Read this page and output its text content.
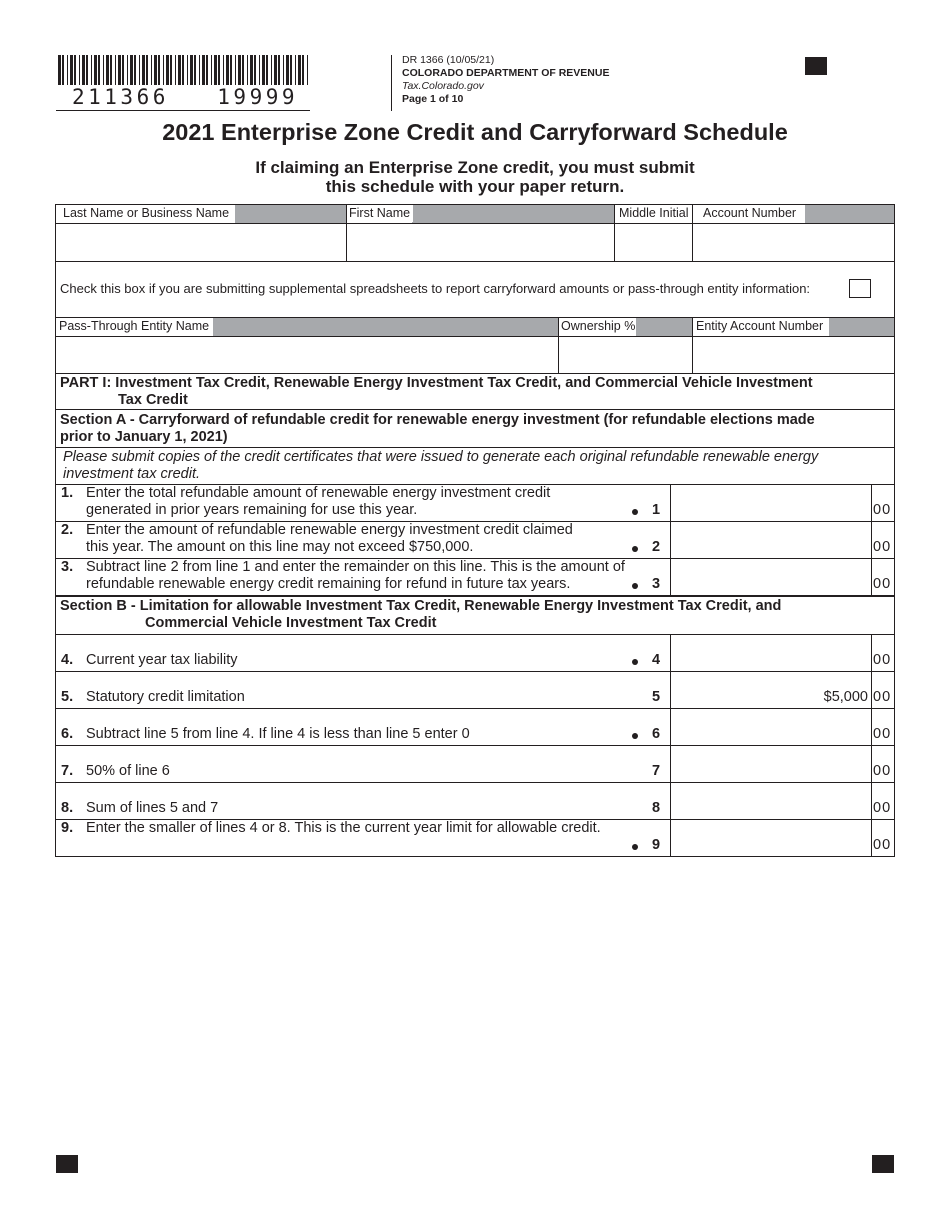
211366   19999
DR 1366 (10/05/21)
COLORADO DEPARTMENT OF REVENUE
Tax.Colorado.gov
Page 1 of 10
2021 Enterprise Zone Credit and Carryforward Schedule
If claiming an Enterprise Zone credit, you must submit
this schedule with your paper return.
Last Name or Business Name	First Name	Middle Initial Account Number
Check this box if you are submitting supplemental spreadsheets to report carryforward amounts or pass-through entity information:
Pass-Through Entity Name	Ownership %	Entity Account Number
PART I: Investment Tax Credit, Renewable Energy Investment Tax Credit, and Commercial Vehicle Investment
Tax Credit
Section A - Carryforward of refundable credit for renewable energy investment (for refundable elections made
prior to January 1, 2021)
Please submit copies of the credit certificates that were issued to generate each original refundable renewable energy
investment tax credit.
Section B - Limitation for allowable Investment Tax Credit, Renewable Energy Investment Tax Credit, and
Commercial Vehicle Investment Tax Credit
1. Enter the total refundable amount of renewable energy investment credit
generated in prior years remaining for use this year.	1	00
2. Enter the amount of refundable renewable energy investment credit claimed
this year. The amount on this line may not exceed $750,000.	2	00
3. Subtract line 2 from line 1 and enter the remainder on this line. This is the amount of
refundable renewable energy credit remaining for refund in future tax years.	3	00
4. Current year tax liability	4	00
5. Statutory credit limitation	5	$5,000 00
6. Subtract line 5 from line 4. If line 4 is less than line 5 enter 0	6	00
7. 50% of line 6	7	00
8. Sum of lines 5 and 7	8	00
9. Enter the smaller of lines 4 or 8. This is the current year limit for allowable credit.
9	00
